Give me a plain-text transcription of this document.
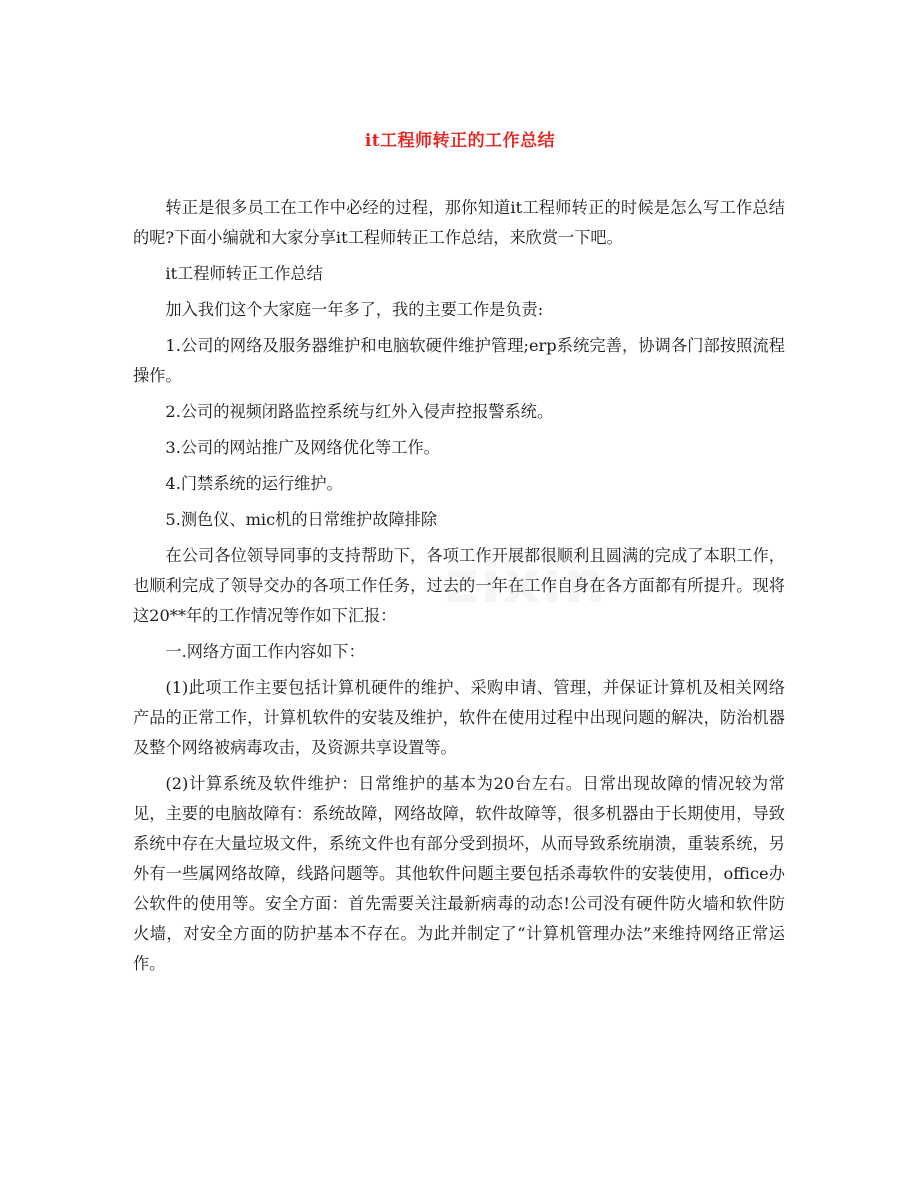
zixin
it工程师转正的工作总结

转正是很多员工在工作中必经的过程，那你知道it工程师转正的时候是怎么写工作总结的呢?下面小编就和大家分享it工程师转正工作总结，来欣赏一下吧。

it工程师转正工作总结

加入我们这个大家庭一年多了，我的主要工作是负责:

1.公司的网络及服务器维护和电脑软硬件维护管理;erp系统完善，协调各门部按照流程操作。

2.公司的视频闭路监控系统与红外入侵声控报警系统。

3.公司的网站推广及网络优化等工作。

4.门禁系统的运行维护。

5.测色仪、mic机的日常维护故障排除

在公司各位领导同事的支持帮助下，各项工作开展都很顺利且圆满的完成了本职工作，也顺利完成了领导交办的各项工作任务，过去的一年在工作自身在各方面都有所提升。现将这20**年的工作情况等作如下汇报：

一.网络方面工作内容如下：

(1)此项工作主要包括计算机硬件的维护、采购申请、管理，并保证计算机及相关网络产品的正常工作，计算机软件的安装及维护，软件在使用过程中出现问题的解决，防治机器及整个网络被病毒攻击，及资源共享设置等。

(2)计算系统及软件维护：日常维护的基本为20台左右。日常出现故障的情况较为常见，主要的电脑故障有：系统故障，网络故障，软件故障等，很多机器由于长期使用，导致系统中存在大量垃圾文件，系统文件也有部分受到损坏，从而导致系统崩溃，重装系统，另外有一些属网络故障，线路问题等。其他软件问题主要包括杀毒软件的安装使用，office办公软件的使用等。安全方面：首先需要关注最新病毒的动态!公司没有硬件防火墙和软件防火墙，对安全方面的防护基本不存在。为此并制定了“计算机管理办法”来维持网络正常运作。
